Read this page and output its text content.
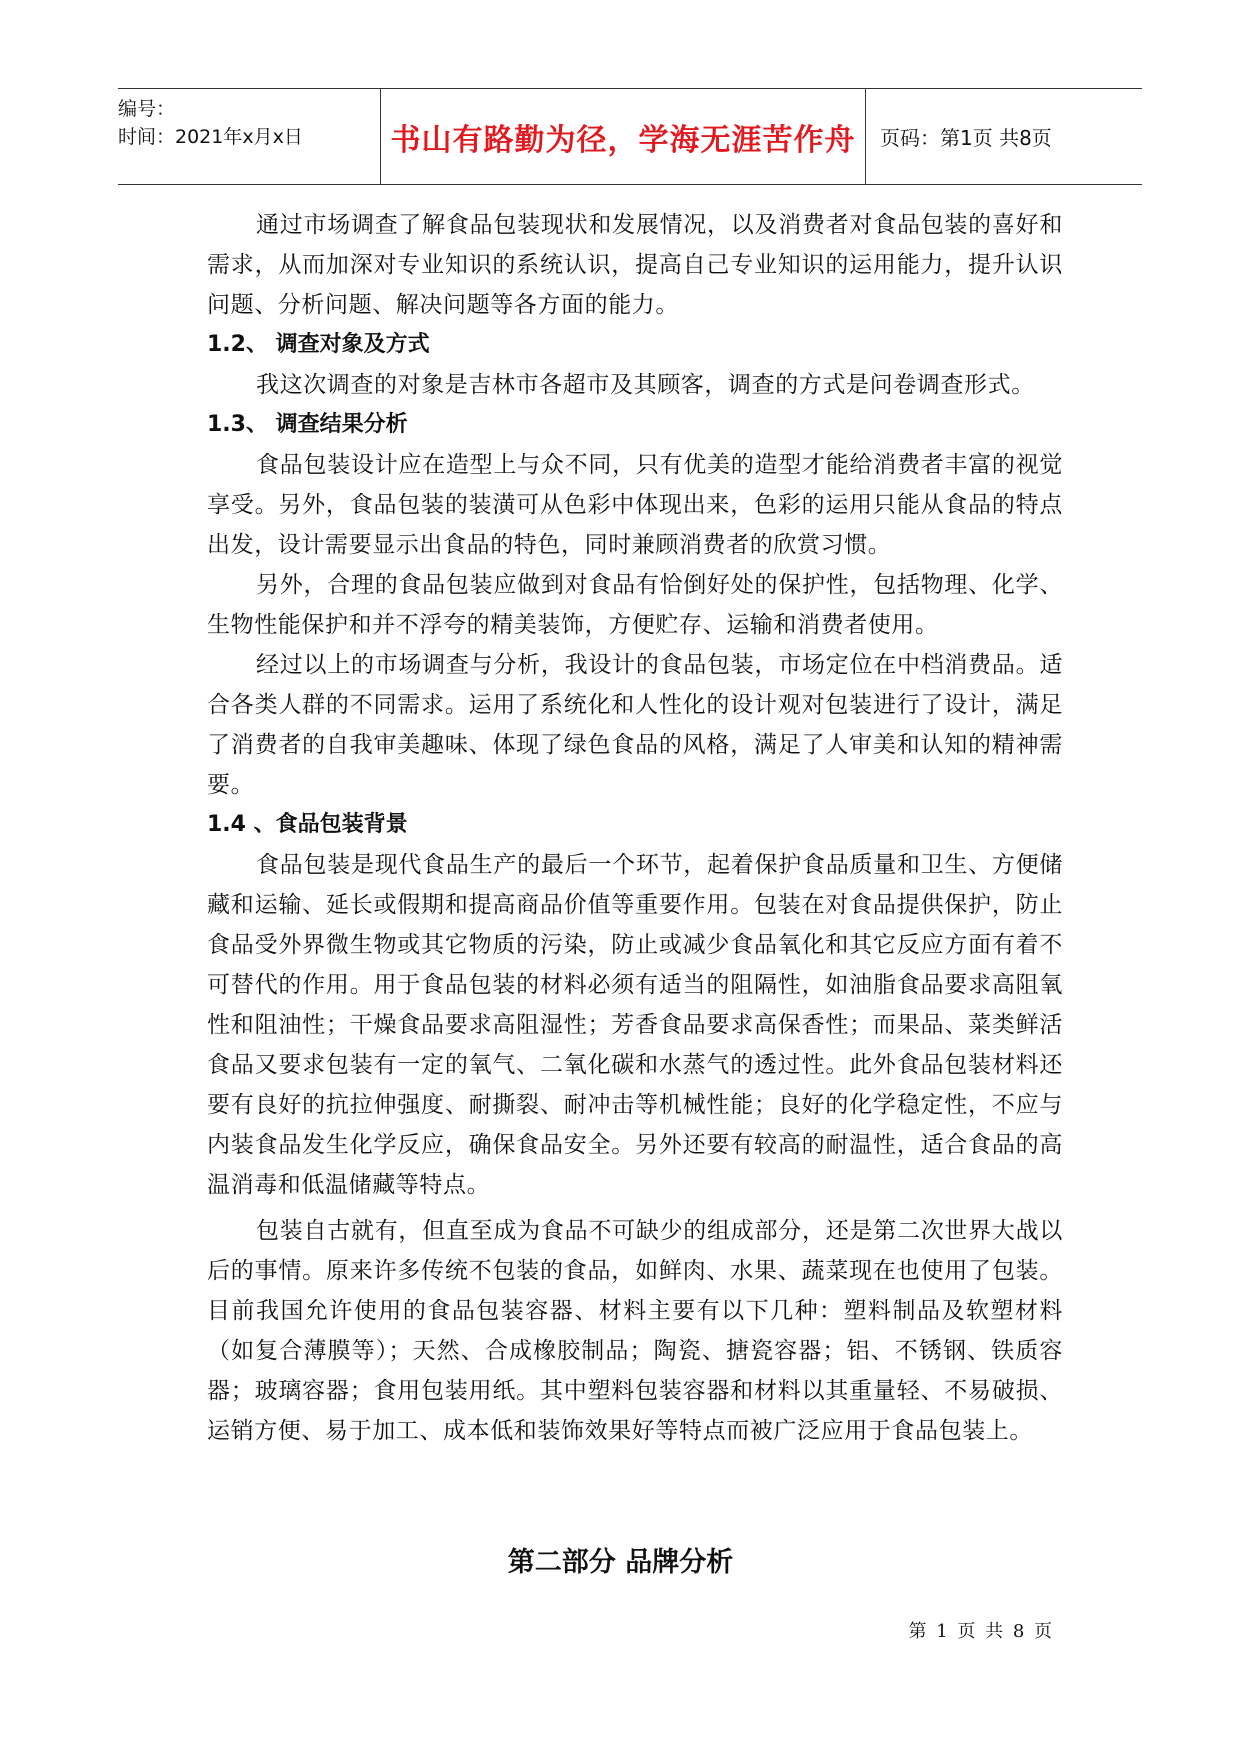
编号：
时间：2021年x月x日	书山有路勤为径，学海无涯苦作舟	页码：第1页 共8页

通过市场调查了解食品包装现状和发展情况，以及消费者对食品包装的喜好和需求，从而加深对专业知识的系统认识，提高自己专业知识的运用能力，提升认识问题、分析问题、解决问题等各方面的能力。

1.2、 调查对象及方式

我这次调查的对象是吉林市各超市及其顾客，调查的方式是问卷调查形式。

1.3、 调查结果分析

食品包装设计应在造型上与众不同，只有优美的造型才能给消费者丰富的视觉享受。另外，食品包装的装潢可从色彩中体现出来，色彩的运用只能从食品的特点出发，设计需要显示出食品的特色，同时兼顾消费者的欣赏习惯。

另外，合理的食品包装应做到对食品有恰倒好处的保护性，包括物理、化学、生物性能保护和并不浮夸的精美装饰，方便贮存、运输和消费者使用。

经过以上的市场调查与分析，我设计的食品包装，市场定位在中档消费品。适合各类人群的不同需求。运用了系统化和人性化的设计观对包装进行了设计，满足了消费者的自我审美趣味、体现了绿色食品的风格，满足了人审美和认知的精神需要。

1.4 、食品包装背景

食品包装是现代食品生产的最后一个环节，起着保护食品质量和卫生、方便储藏和运输、延长或假期和提高商品价值等重要作用。包装在对食品提供保护，防止食品受外界微生物或其它物质的污染，防止或减少食品氧化和其它反应方面有着不可替代的作用。用于食品包装的材料必须有适当的阻隔性，如油脂食品要求高阻氧性和阻油性；干燥食品要求高阻湿性；芳香食品要求高保香性；而果品、菜类鲜活食品又要求包装有一定的氧气、二氧化碳和水蒸气的透过性。此外食品包装材料还要有良好的抗拉伸强度、耐撕裂、耐冲击等机械性能；良好的化学稳定性，不应与内装食品发生化学反应，确保食品安全。另外还要有较高的耐温性，适合食品的高温消毒和低温储藏等特点。

包装自古就有，但直至成为食品不可缺少的组成部分，还是第二次世界大战以后的事情。原来许多传统不包装的食品，如鲜肉、水果、蔬菜现在也使用了包装。目前我国允许使用的食品包装容器、材料主要有以下几种：塑料制品及软塑材料（如复合薄膜等）；天然、合成橡胶制品；陶瓷、搪瓷容器；铝、不锈钢、铁质容器；玻璃容器；食用包装用纸。其中塑料包装容器和材料以其重量轻、不易破损、运销方便、易于加工、成本低和装饰效果好等特点而被广泛应用于食品包装上。

第二部分 品牌分析
第 1 页 共 8 页
